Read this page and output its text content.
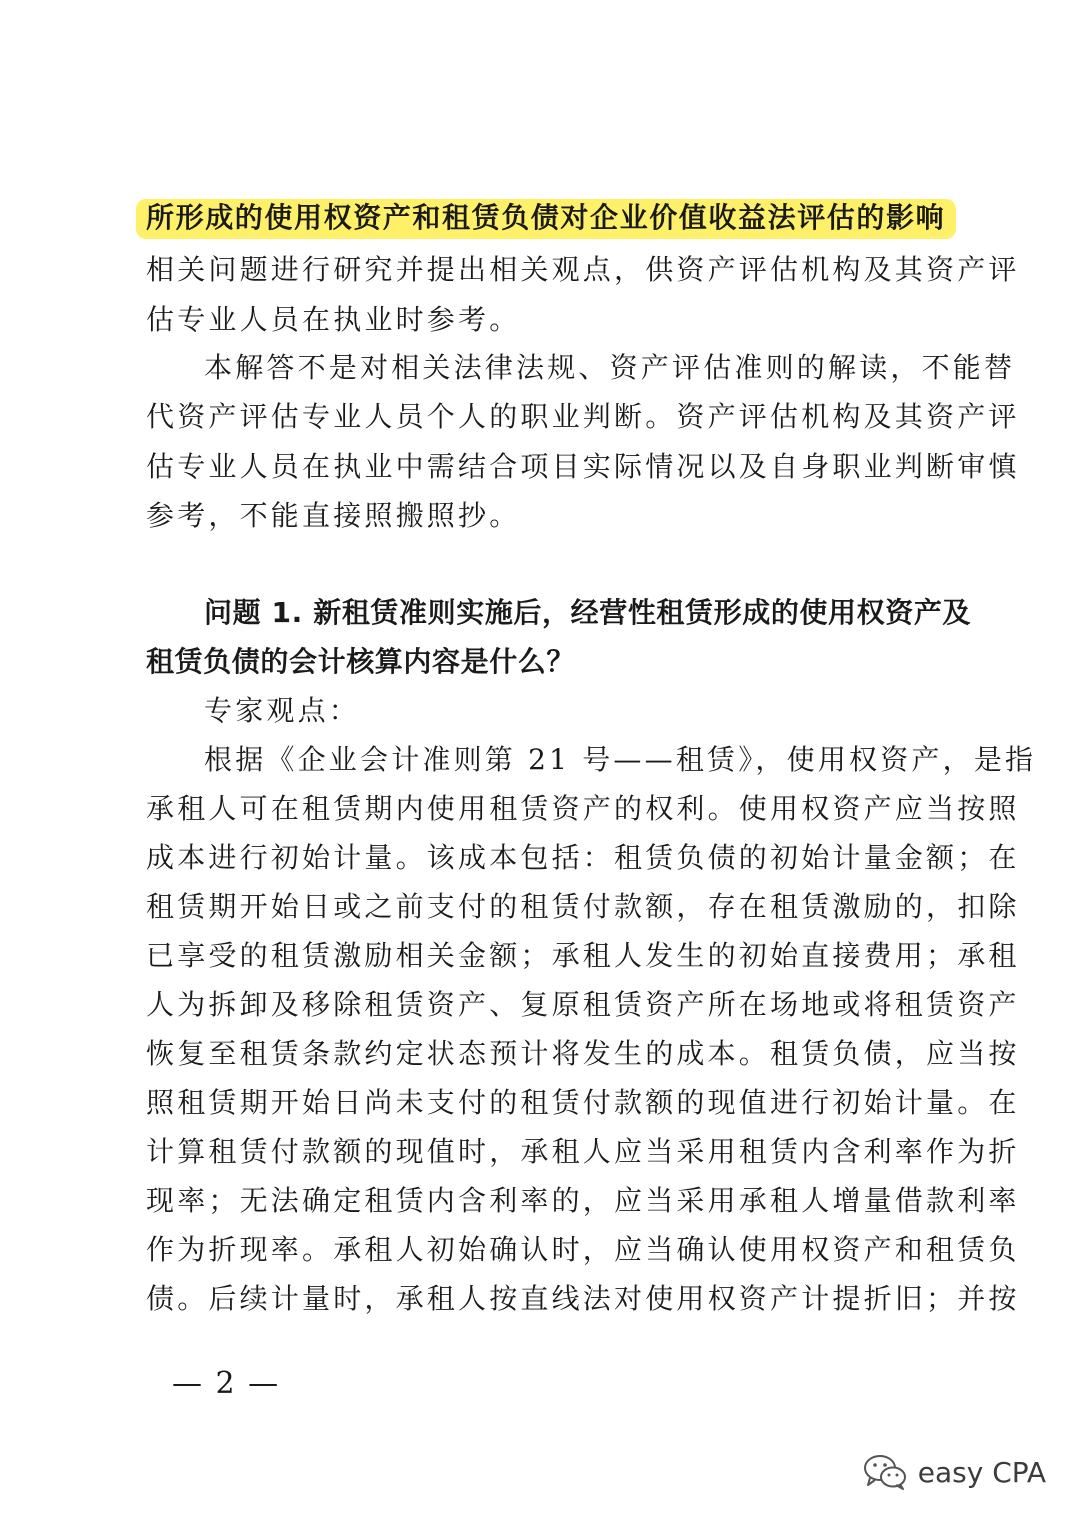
所形成的使用权资产和租赁负债对企业价值收益法评估的影响
相关问题进行研究并提出相关观点，供资产评估机构及其资产评
估专业人员在执业时参考。
本解答不是对相关法律法规、资产评估准则的解读，不能替
代资产评估专业人员个人的职业判断。资产评估机构及其资产评
估专业人员在执业中需结合项目实际情况以及自身职业判断审慎
参考，不能直接照搬照抄。
问题 1. 新租赁准则实施后，经营性租赁形成的使用权资产及
租赁负债的会计核算内容是什么？
专家观点：
根据《企业会计准则第 21 号——租赁》，使用权资产，是指
承租人可在租赁期内使用租赁资产的权利。使用权资产应当按照
成本进行初始计量。该成本包括：租赁负债的初始计量金额；在
租赁期开始日或之前支付的租赁付款额，存在租赁激励的，扣除
已享受的租赁激励相关金额；承租人发生的初始直接费用；承租
人为拆卸及移除租赁资产、复原租赁资产所在场地或将租赁资产
恢复至租赁条款约定状态预计将发生的成本。租赁负债，应当按
照租赁期开始日尚未支付的租赁付款额的现值进行初始计量。在
计算租赁付款额的现值时，承租人应当采用租赁内含利率作为折
现率；无法确定租赁内含利率的，应当采用承租人增量借款利率
作为折现率。承租人初始确认时，应当确认使用权资产和租赁负
债。后续计量时，承租人按直线法对使用权资产计提折旧；并按
— 2 —
easy CPA
